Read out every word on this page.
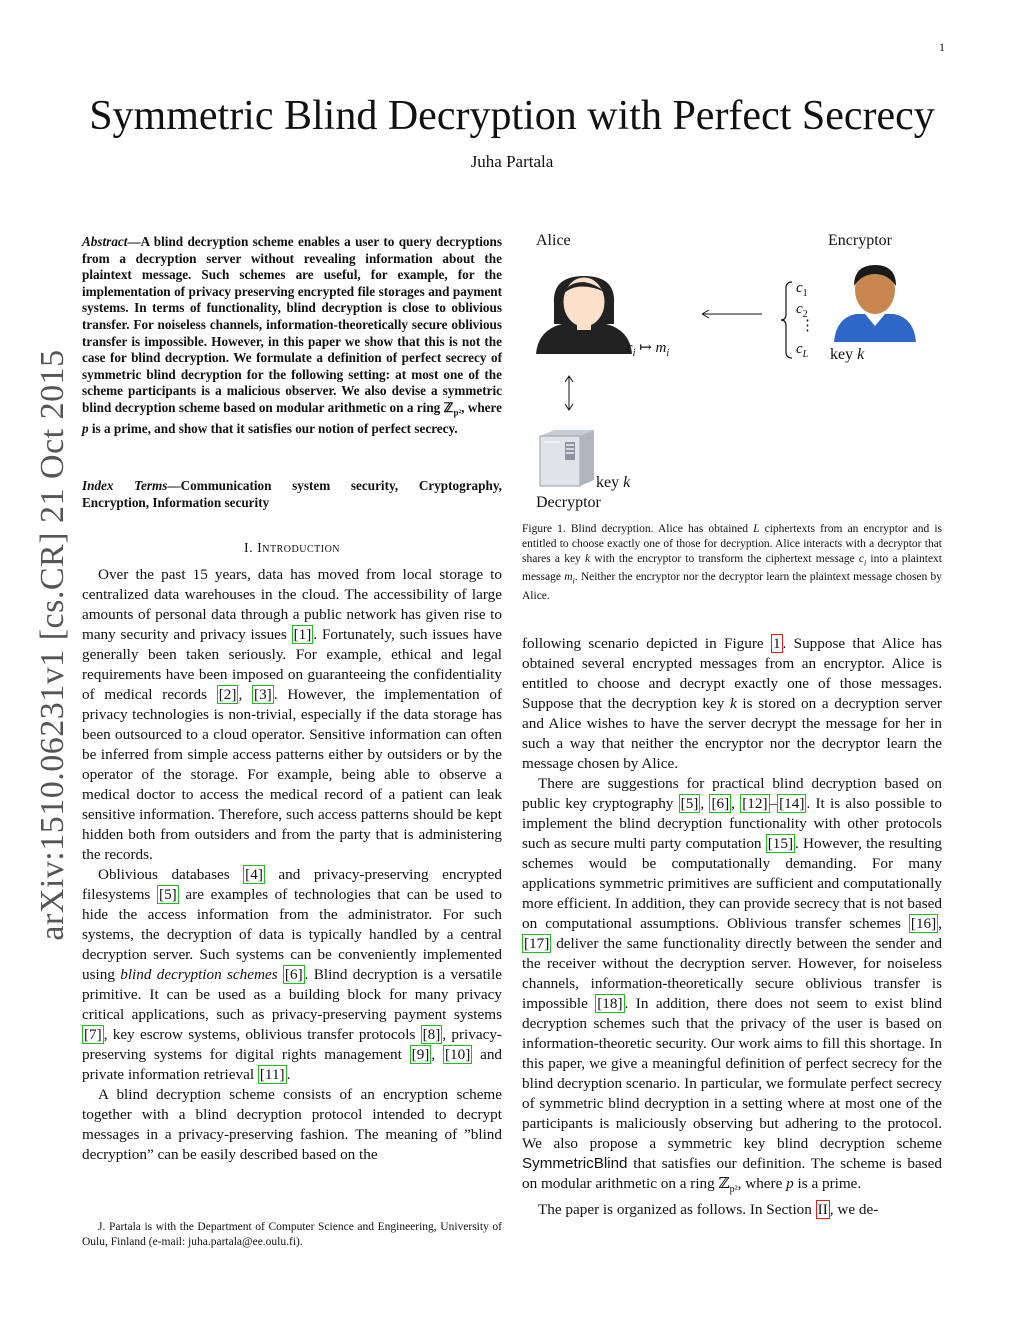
1
Symmetric Blind Decryption with Perfect Secrecy
Juha Partala
arXiv:1510.06231v1 [cs.CR] 21 Oct 2015
Abstract—A blind decryption scheme enables a user to query decryptions from a decryption server without revealing information about the plaintext message. Such schemes are useful, for example, for the implementation of privacy preserving encrypted file storages and payment systems. In terms of functionality, blind decryption is close to oblivious transfer. For noiseless channels, information-theoretically secure oblivious transfer is impossible. However, in this paper we show that this is not the case for blind decryption. We formulate a definition of perfect secrecy of symmetric blind decryption for the following setting: at most one of the scheme participants is a malicious observer. We also devise a symmetric blind decryption scheme based on modular arithmetic on a ring ℤ$_{p^2}$, where p is a prime, and show that it satisfies our notion of perfect secrecy.
Index Terms—Communication system security, Cryptography, Encryption, Information security
I. Introduction

Over the past 15 years, data has moved from local storage to centralized data warehouses in the cloud. The accessibility of large amounts of personal data through a public network has given rise to many security and privacy issues [1] . Fortunately, such issues have generally been taken seriously. For example, ethical and legal requirements have been imposed on guaranteeing the confidentiality of medical records [2] , [3] . However, the implementation of privacy technologies is non-trivial, especially if the data storage has been outsourced to a cloud operator. Sensitive information can often be inferred from simple access patterns either by outsiders or by the operator of the storage. For example, being able to observe a medical doctor to access the medical record of a patient can leak sensitive information. Therefore, such access patterns should be kept hidden both from outsiders and from the party that is administering the records.

Oblivious databases [4] and privacy-preserving encrypted filesystems [5] are examples of technologies that can be used to hide the access information from the administrator. For such systems, the decryption of data is typically handled by a central decryption server. Such systems can be conveniently implemented using blind decryption schemes [6] . Blind decryption is a versatile primitive. It can be used as a building block for many privacy critical applications, such as privacy-preserving payment systems [7] , key escrow systems, oblivious transfer protocols [8] , privacy-preserving systems for digital rights management [9] , [10] and private information retrieval [11] .

A blind decryption scheme consists of an encryption scheme together with a blind decryption protocol intended to decrypt messages in a privacy-preserving fashion. The meaning of ”blind decryption” can be easily described based on the

J. Partala is with the Department of Computer Science and Engineering, University of Oulu, Finland (e-mail: juha.partala@ee.oulu.fi).
Alice	Encryptor
$c_1$
$c_2$
⋮
$c_L$ key k
$c_i$ ↦ $m_i$
key k
Decryptor
Figure 1. Blind decryption. Alice has obtained L ciphertexts from an encryptor and is entitled to choose exactly one of those for decryption. Alice interacts with a decryptor that shares a key k with the encryptor to transform the ciphertext message $c_i$ into a plaintext message $m_i$. Neither the encryptor nor the decryptor learn the plaintext message chosen by Alice.

following scenario depicted in Figure 1 . Suppose that Alice has obtained several encrypted messages from an encryptor. Alice is entitled to choose and decrypt exactly one of those messages. Suppose that the decryption key k is stored on a decryption server and Alice wishes to have the server decrypt the message for her in such a way that neither the encryptor nor the decryptor learn the message chosen by Alice.

There are suggestions for practical blind decryption based on public key cryptography [5] , [6] , [12] – [14] . It is also possible to implement the blind decryption functionality with other protocols such as secure multi party computation [15] . However, the resulting schemes would be computationally demanding. For many applications symmetric primitives are sufficient and computationally more efficient. In addition, they can provide secrecy that is not based on computational assumptions. Oblivious transfer schemes [16] , [17] deliver the same functionality directly between the sender and the receiver without the decryption server. However, for noiseless channels, information-theoretically secure oblivious transfer is impossible [18] . In addition, there does not seem to exist blind decryption schemes such that the privacy of the user is based on information-theoretic security. Our work aims to fill this shortage. In this paper, we give a meaningful definition of perfect secrecy for the blind decryption scenario. In particular, we formulate perfect secrecy of symmetric blind decryption in a setting where at most one of the participants is maliciously observing but adhering to the protocol. We also propose a symmetric key blind decryption scheme SymmetricBlind that satisfies our definition. The scheme is based on modular arithmetic on a ring ℤ$_{p^2}$, where p is a prime.

The paper is organized as follows. In Section II , we de-
